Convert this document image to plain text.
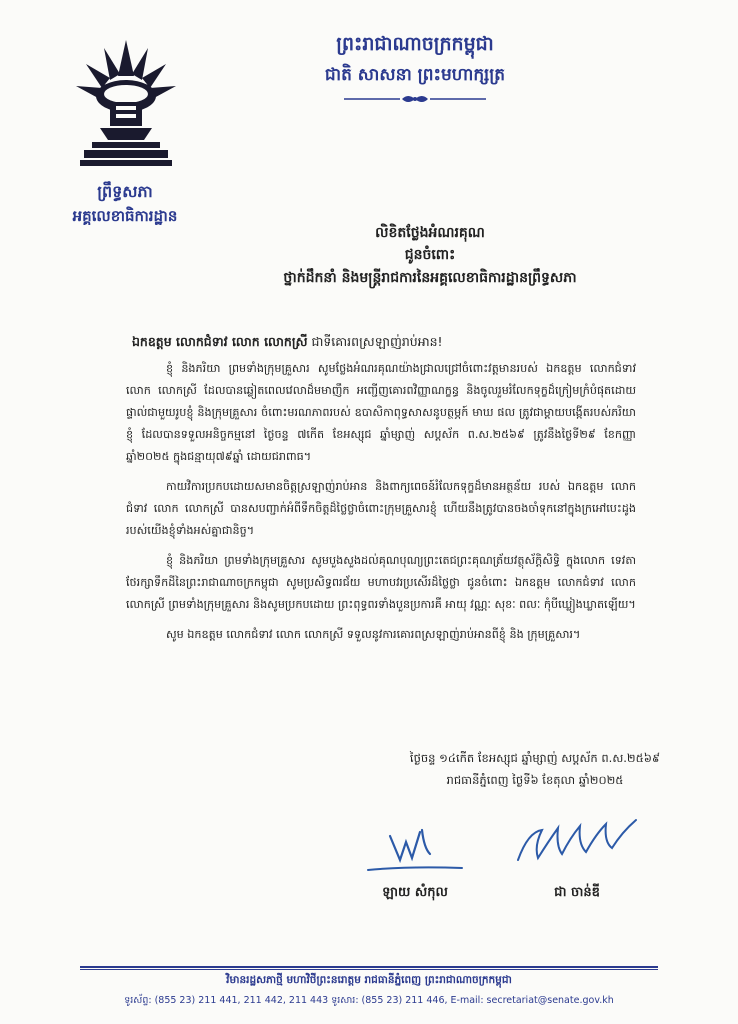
ព្រឹទ្ធសភា
អគ្គលេខាធិការដ្ឋាន
ព្រះរាជាណាចក្រកម្ពុជា
ជាតិ សាសនា ព្រះមហាក្សត្រ
លិខិតថ្លែងអំណរគុណ
ជូនចំពោះ
ថ្នាក់ដឹកនាំ និងមន្ត្រីរាជការនៃអគ្គលេខាធិការដ្ឋានព្រឹទ្ធសភា
ឯកឧត្តម លោកជំទាវ លោក លោកស្រី ជាទីគោរពស្រឡាញ់រាប់អាន!

ខ្ញុំ និងភរិយា ព្រមទាំងក្រុមគ្រួសារ សូមថ្លែងអំណរគុណយ៉ាងជ្រាលជ្រៅចំពោះវត្តមានរបស់ ឯកឧត្តម លោកជំទាវ លោក លោកស្រី ដែលបានឆ្លៀតពេលវេលាដ៏មមាញឹក អញ្ជើញគោរពវិញ្ញាណក្ខន្ធ និងចូលរួមរំលែកទុក្ខដ៏ក្រៀមក្រំបំផុតដោយផ្ទាល់ជាមួយរូបខ្ញុំ និងក្រុមគ្រួសារ ចំពោះមរណភាពរបស់ ឧបាសិកាពុទ្ធសាសនូបត្ថម្ភក៍ មាឃ ផល ត្រូវជាម្តាយបង្កើតរបស់ភរិយាខ្ញុំ ដែលបានទទួលអនិច្ចកម្មនៅ ថ្ងៃចន្ទ ៧កើត ខែអស្សុជ ឆ្នាំម្សាញ់ សប្តស័ក ព.ស.២៥៦៩ ត្រូវនឹងថ្ងៃទី២៩ ខែកញ្ញា ឆ្នាំ២០២៥ ក្នុងជន្មាយុ៧៩ឆ្នាំ ដោយជរាពាធ។

កាយវិការប្រកបដោយសមានចិត្តស្រឡាញ់រាប់អាន និងពាក្យពេចន៍រំលែកទុក្ខដ៏មានអត្ថន័យ របស់ ឯកឧត្តម លោកជំទាវ លោក លោកស្រី បានសបញ្ជាក់អំពីទឹកចិត្តដ៏ថ្លៃថ្លាចំពោះក្រុមគ្រួសារខ្ញុំ ហើយនឹងត្រូវបានចងចាំទុកនៅក្នុងក្រអៅបេះដូងរបស់យើងខ្ញុំទាំងអស់គ្នាជានិច្ច។

ខ្ញុំ និងភរិយា ព្រមទាំងក្រុមគ្រួសារ សូមបួងសួងដល់គុណបុណ្យព្រះតេជព្រះគុណត្រ័យវត្ថុស័ក្តិសិទ្ធិ ក្នុងលោក ទេវតាថែរក្សាទឹកដីនៃព្រះរាជាណាចក្រកម្ពុជា សូមប្រសិទ្ធពរជ័យ មហាបវរប្រសើរដ៏ថ្លៃថ្លា ជូនចំពោះ ឯកឧត្តម លោកជំទាវ លោក លោកស្រី ព្រមទាំងក្រុមគ្រួសារ និងសូមប្រកបដោយ ព្រះពុទ្ធពរទាំងបួនប្រការគឺ អាយុ វណ្ណៈ សុខៈ ពលៈ កុំបីឃ្លៀងឃ្លាតឡើយ។

សូម ឯកឧត្តម លោកជំទាវ លោក លោកស្រី ទទួលនូវការគោរពស្រឡាញ់រាប់អានពីខ្ញុំ និង ក្រុមគ្រួសារ។

ថ្ងៃចន្ទ ១៤កើត ខែអស្សុជ ឆ្នាំម្សាញ់ សប្តស័ក ព.ស.២៥៦៩
រាជធានីភ្នំពេញ ថ្ងៃទី៦ ខែតុលា ឆ្នាំ២០២៥
ឡាយ សំកុល	ជា ចាន់ឌី
វិមានរដ្ឋសភាថ្មី មហាវិថីព្រះនរោត្តម រាជធានីភ្នំពេញ ព្រះរាជាណាចក្រកម្ពុជា
ទូរស័ព្ទ: (855 23) 211 441, 211 442, 211 443 ទូរសារ: (855 23) 211 446, E-mail: secretariat@senate.gov.kh
